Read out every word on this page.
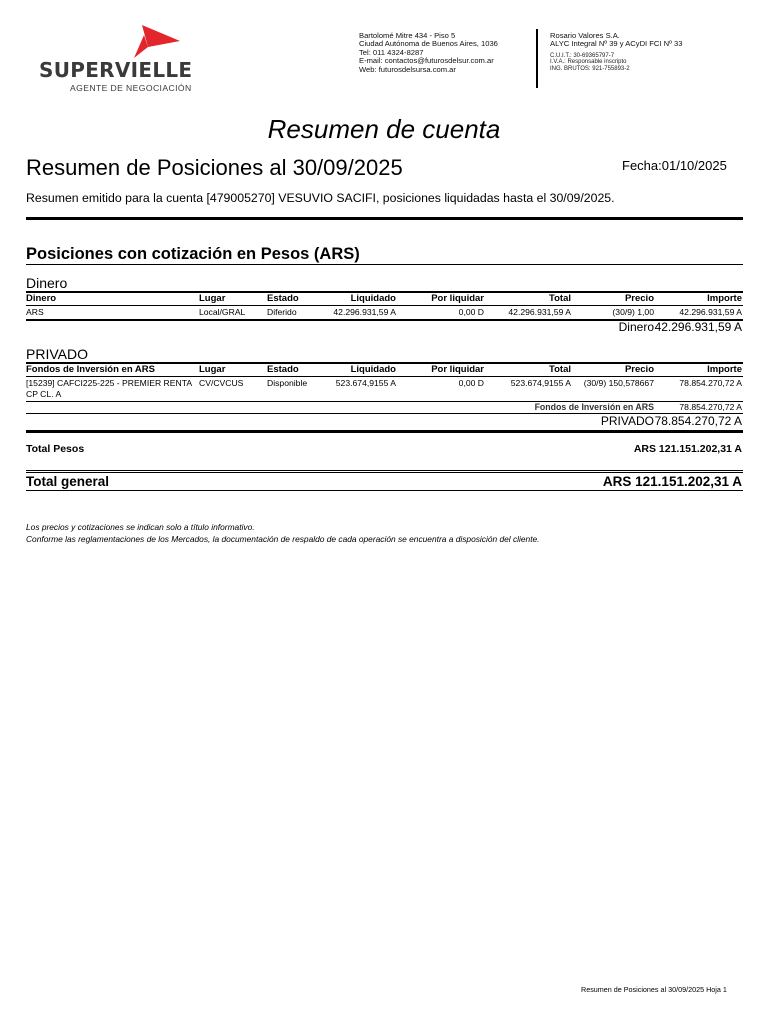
SUPERVIELLE
AGENTE DE NEGOCIACIÓN
Bartolomé Mitre 434 - Piso 5
Ciudad Autónoma de Buenos Aires, 1036
Tel: 011 4324-8287
E-mail: contactos@futurosdelsur.com.ar
Web: futurosdelsursa.com.ar
Rosario Valores S.A.
ALYC Integral Nº 39 y ACyDI FCI Nº 33
C.U.I.T.: 30-69365797-7
I.V.A.: Responsable inscripto
ING. BRUTOS: 921-755893-2
Resumen de cuenta
Resumen de Posiciones al 30/09/2025	Fecha:01/10/2025
Resumen emitido para la cuenta [479005270] VESUVIO SACIFI, posiciones liquidadas hasta el 30/09/2025.
Posiciones con cotización en Pesos (ARS)
Dinero
Dinero	Lugar	Estado	Liquidado	Por liquidar	Total	Precio	Importe
ARS	Local/GRAL	Diferido	42.296.931,59 A	0,00 D	42.296.931,59 A	(30/9) 1,00	42.296.931,59 A
Dinero 42.296.931,59 A
PRIVADO
Fondos de Inversión en ARS	Lugar	Estado	Liquidado	Por liquidar	Total	Precio	Importe
[15239] CAFCI225-225 - PREMIER RENTA
CP CL. A
CV/CVCUS	Disponible	523.674,9155 A	0,00 D	523.674,9155 A (30/9) 150,578667	78.854.270,72 A
Fondos de Inversión en ARS	78.854.270,72 A
PRIVADO 78.854.270,72 A
Total Pesos	ARS 121.151.202,31 A
Total general	ARS 121.151.202,31 A
Los precios y cotizaciones se indican solo a título informativo.
Conforme las reglamentaciones de los Mercados, la documentación de respaldo de cada operación se encuentra a disposición del cliente.
Resumen de Posiciones al 30/09/2025 Hoja 1
